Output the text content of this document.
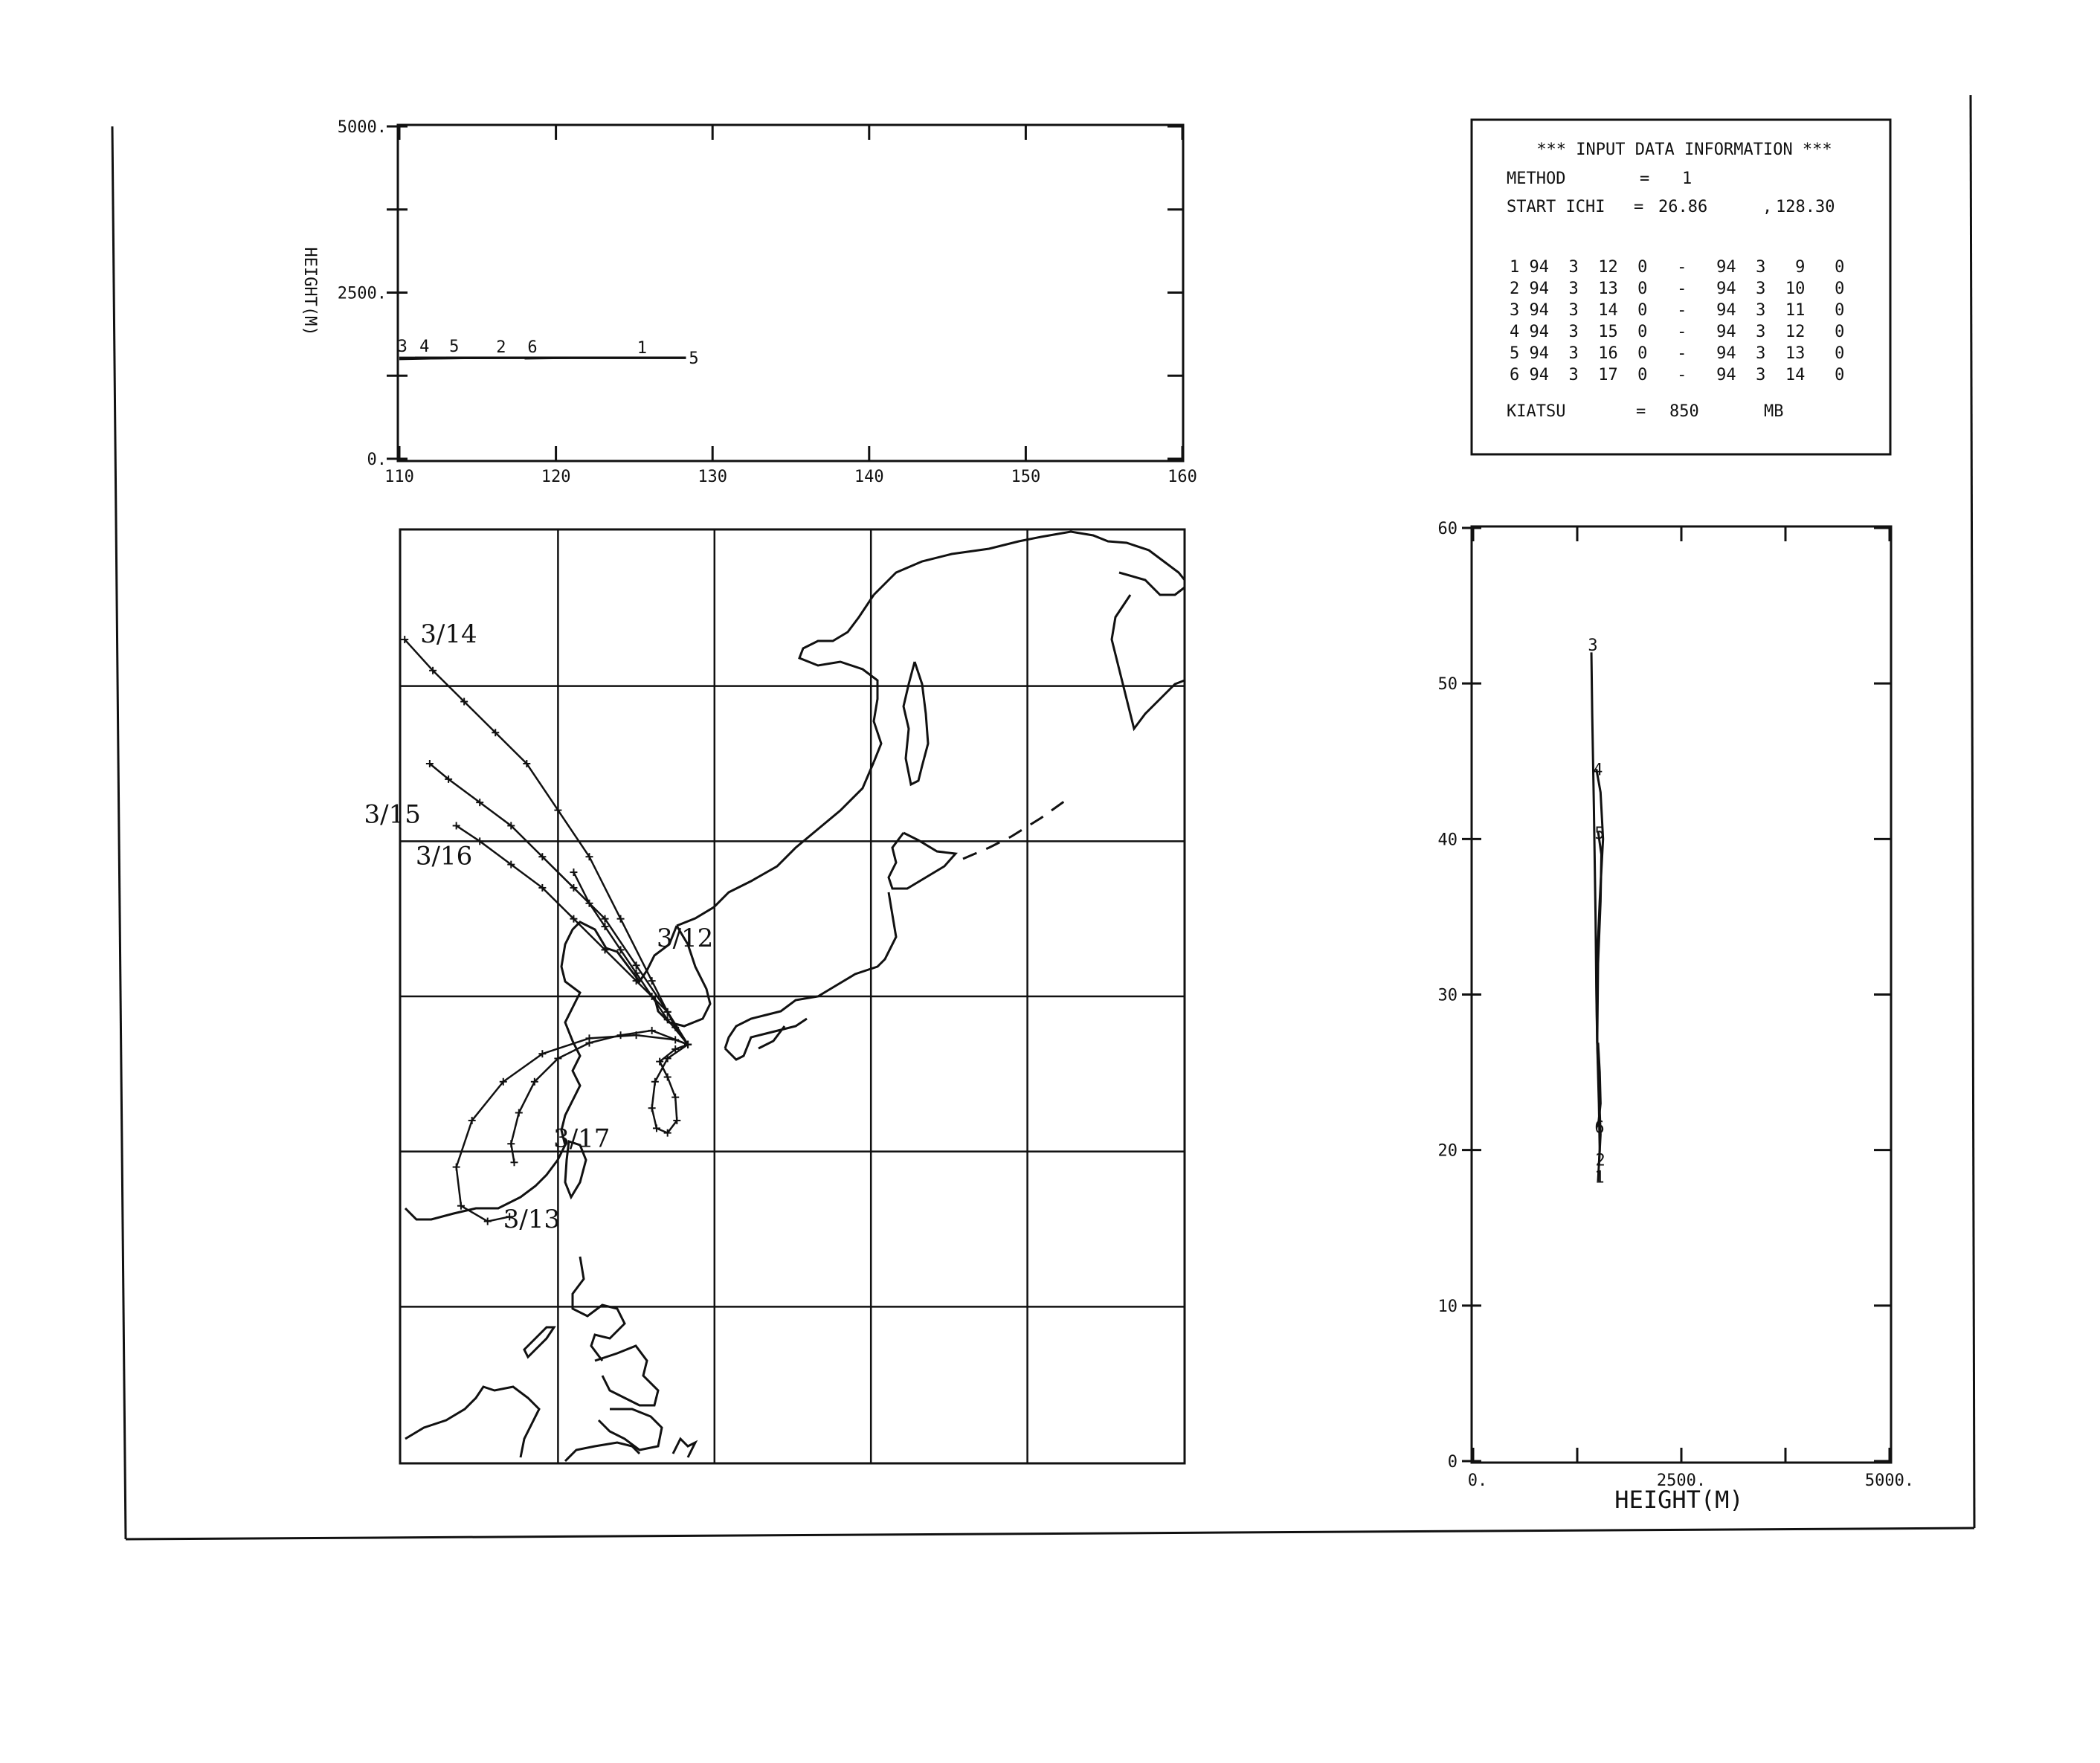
110	120	130	140	150	160
0.
2500.
5000.
1
2
3 4 5	6
5
HEIGHT(M)
3/14
3/15
3/16
3/12
3/17
3/13
*** INPUT DATA INFORMATION ***
METHOD	= 1
START ICHI = 26.86	, 128.30
1 94  3  12  0   -   94  3   9   0
2 94  3  13  0   -   94  3  10   0
3 94  3  14  0   -   94  3  11   0
4 94  3  15  0   -   94  3  12   0
5 94  3  16  0   -   94  3  13   0
6 94  3  17  0   -   94  3  14   0
KIATSU	= 850	MB
0.	2500.	5000.
0
10
20
30
40
50
60
3
4
5
6
1
2
HEIGHT(M)
